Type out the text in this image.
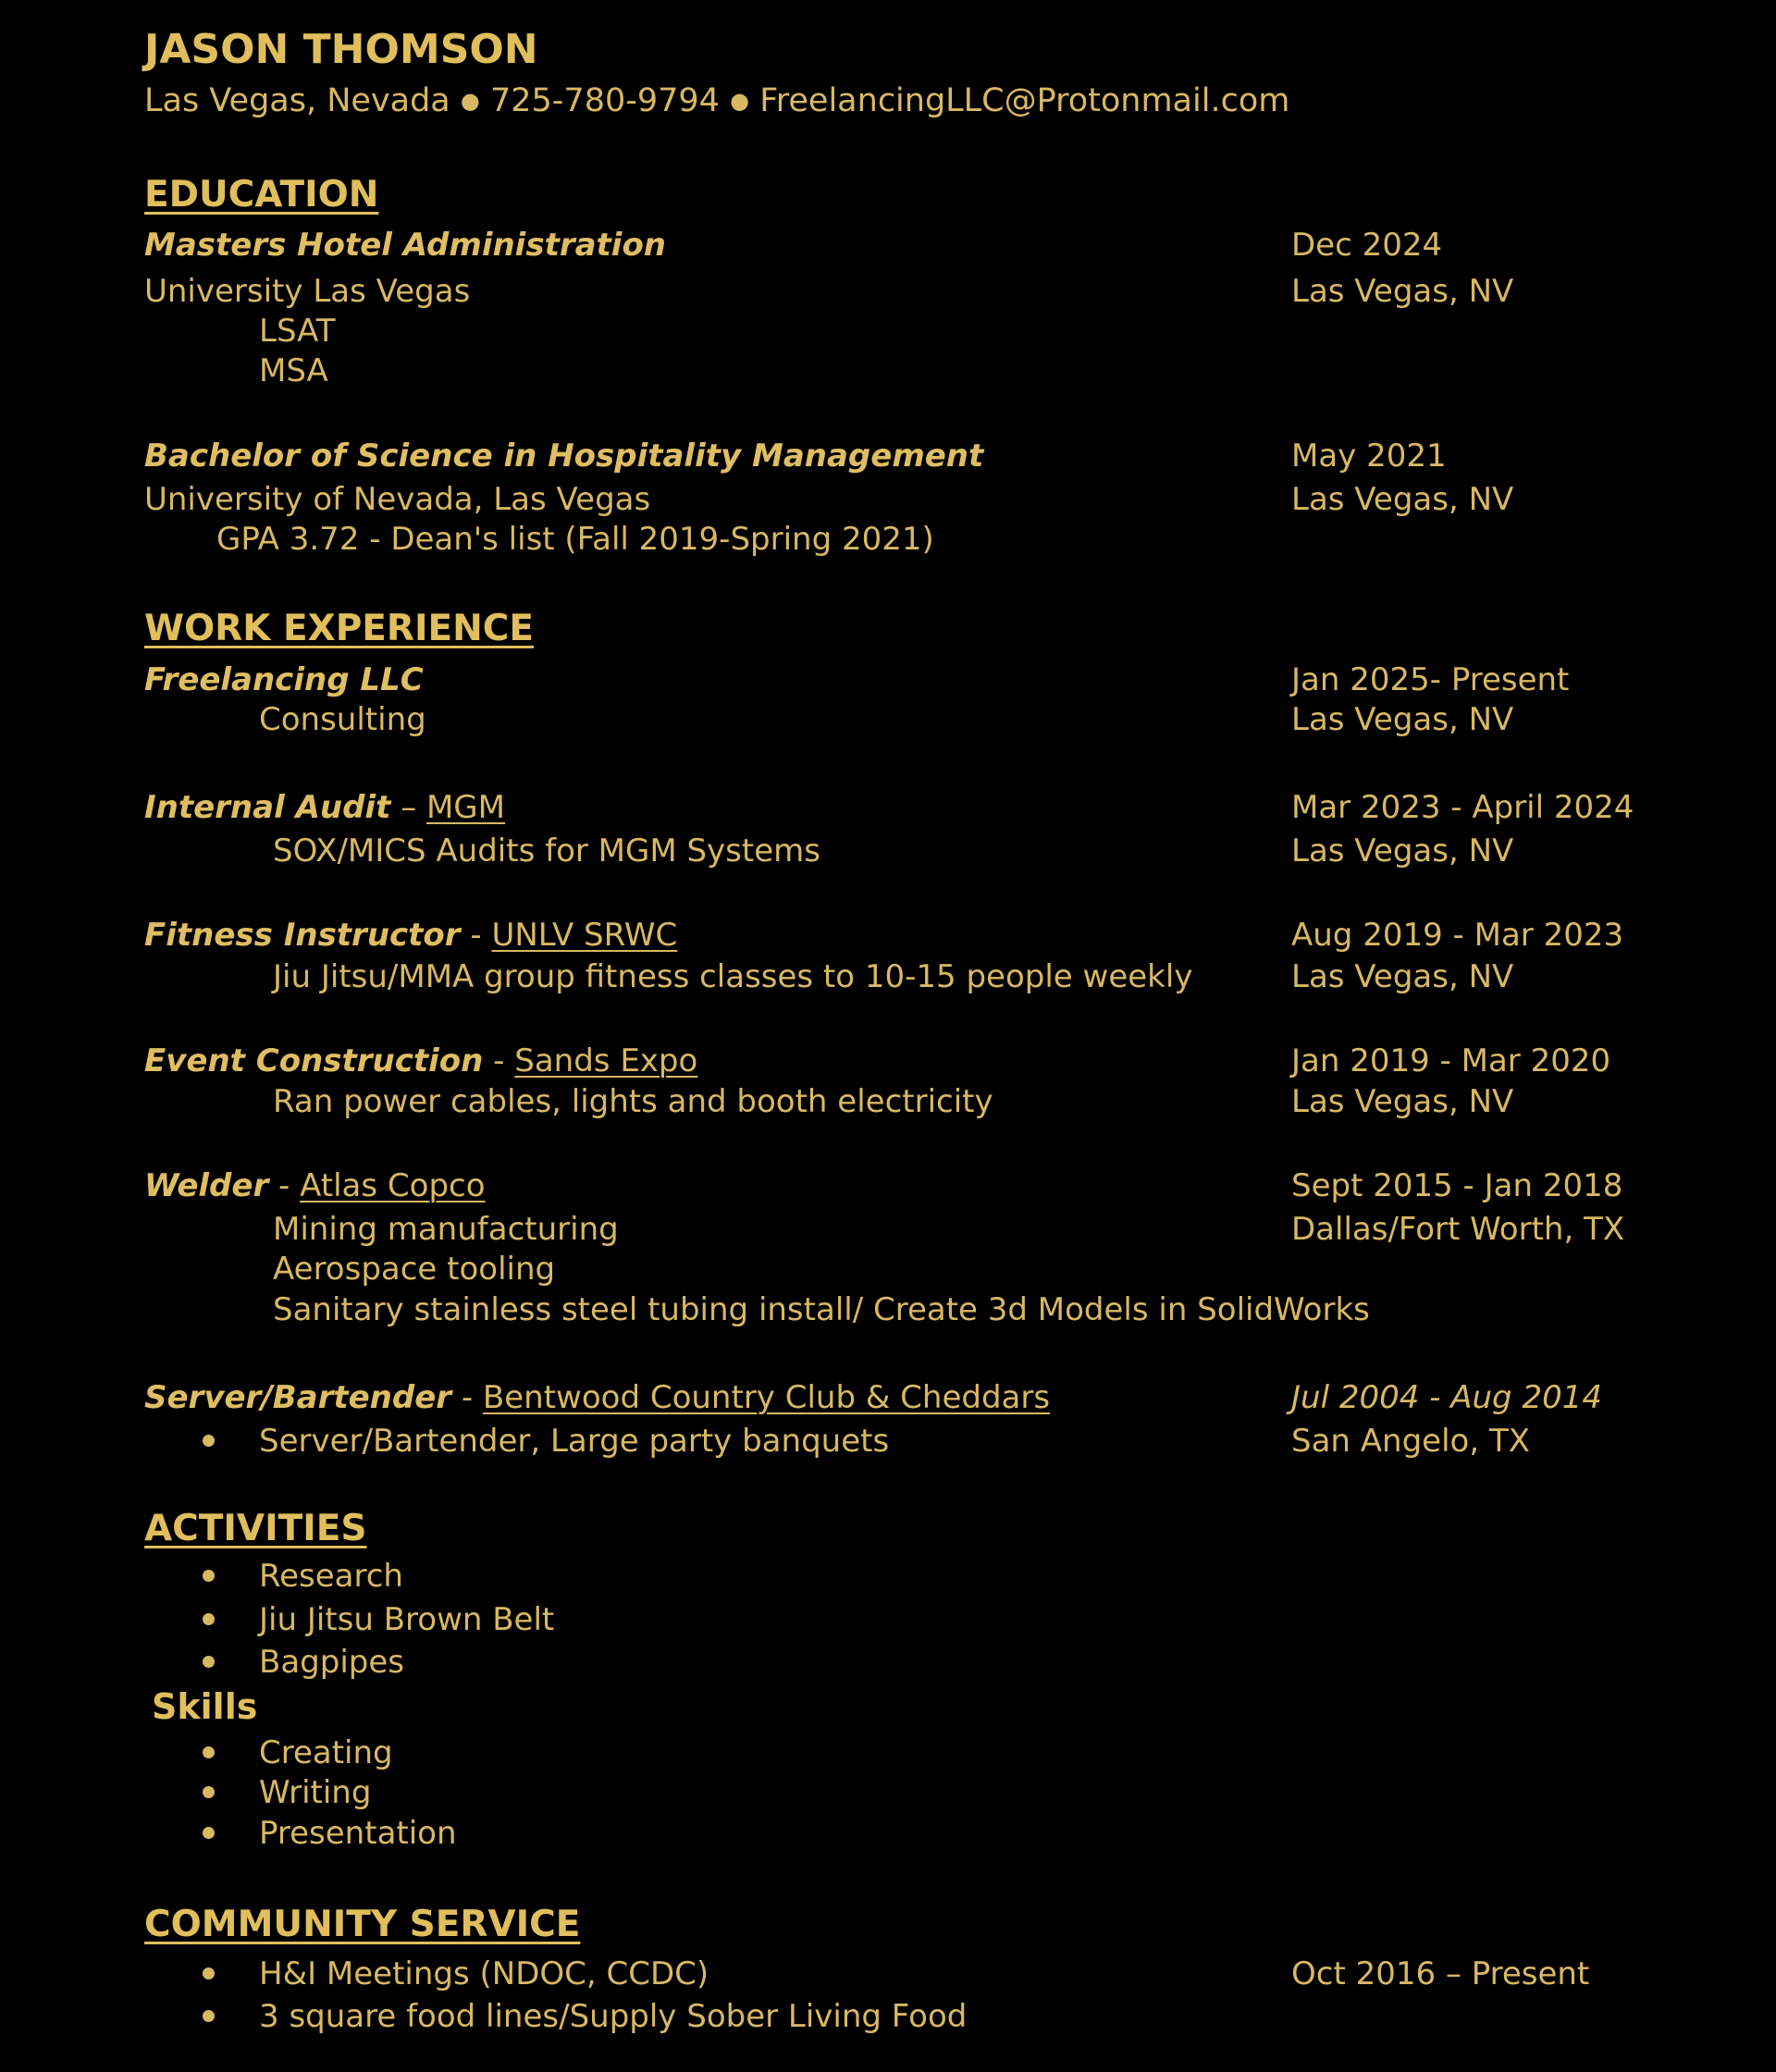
JASON THOMSON
Las Vegas, Nevada ● 725-780-9794 ● FreelancingLLC@Protonmail.com
EDUCATION
Masters Hotel Administration	Dec 2024
University Las Vegas	Las Vegas, NV
LSAT
MSA
Bachelor of Science in Hospitality Management	May 2021
University of Nevada, Las Vegas	Las Vegas, NV
GPA 3.72 - Dean's list (Fall 2019-Spring 2021)
WORK EXPERIENCE
Freelancing LLC	Jan 2025- Present
Consulting	Las Vegas, NV
Internal Audit – MGM	Mar 2023 - April 2024
SOX/MICS Audits for MGM Systems	Las Vegas, NV
Fitness Instructor - UNLV SRWC	Aug 2019 - Mar 2023
Jiu Jitsu/MMA group fitness classes to 10-15 people weekly	Las Vegas, NV
Event Construction - Sands Expo	Jan 2019 - Mar 2020
Ran power cables, lights and booth electricity	Las Vegas, NV
Welder - Atlas Copco	Sept 2015 - Jan 2018
Mining manufacturing	Dallas/Fort Worth, TX
Aerospace tooling
Sanitary stainless steel tubing install/ Create 3d Models in SolidWorks
Server/Bartender - Bentwood Country Club & Cheddars	Jul 2004 - Aug 2014
Server/Bartender, Large party banquets	San Angelo, TX
ACTIVITIES
Research
Jiu Jitsu Brown Belt
Bagpipes
Skills
Creating
Writing
Presentation
COMMUNITY SERVICE
H&I Meetings (NDOC, CCDC)	Oct 2016 – Present
3 square food lines/Supply Sober Living Food
